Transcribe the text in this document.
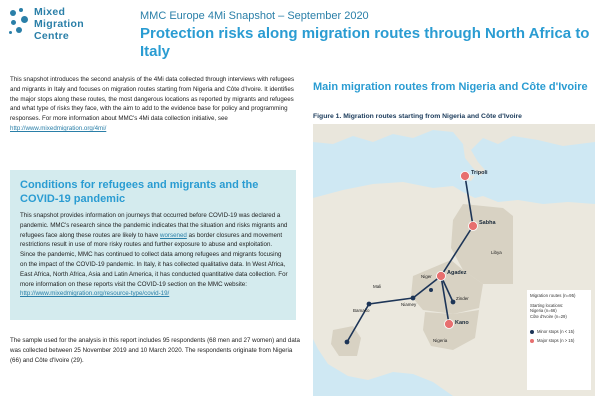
Mixed
Migration
Centre
MMC Europe 4Mi Snapshot – September 2020
Protection risks along migration routes through North Africa to Italy
This snapshot introduces the second analysis of the 4Mi data collected through interviews with refugees and migrants in Italy and focuses on migration routes starting from Nigeria and Côte d'Ivoire. It identifies the major stops along these routes, the most dangerous locations as reported by migrants and refugees and what type of risks they face, with the aim to add to the evidence base for policy and programming responses. For more information about MMC's 4Mi data collection initiative, see http://www.mixedmigration.org/4mi/
Conditions for refugees and migrants and the COVID-19 pandemic
This snapshot provides information on journeys that occurred before COVID-19 was declared a pandemic. MMC's research since the pandemic indicates that the situation and risks migrants and refugees face along these routes are likely to have worsened as border closures and movement restrictions result in use of more risky routes and further exposure to abuse and exploitation. Since the pandemic, MMC has continued to collect data among refugees and migrants focusing on the impact of the COVID-19 pandemic. In Italy, it has collected qualitative data. In West Africa, East Africa, North Africa, Asia and Latin America, it has conducted quantitative data collection. For more information on these reports visit the COVID-19 section on the MMC website: http://www.mixedmigration.org/resource-type/covid-19/
The sample used for the analysis in this report includes 95 respondents (68 men and 27 women) and data was collected between 25 November 2019 and 10 March 2020. The respondents originate from Nigeria (66) and Côte d'Ivoire (29).
Main migration routes from Nigeria and Côte d'Ivoire
Figure 1. Migration routes starting from Nigeria and Côte d'Ivoire
Tripoli
Sabha
Agadez
Kano
Libya
Niger
Mali
Nigeria
Zinder
Bamako
Niamey
Migration routes (n=95)
Starting locations:
Nigeria (n=66)
Côte d'Ivoire (n=29)
Minor stops (n < 15)
Major stops (n > 15)
